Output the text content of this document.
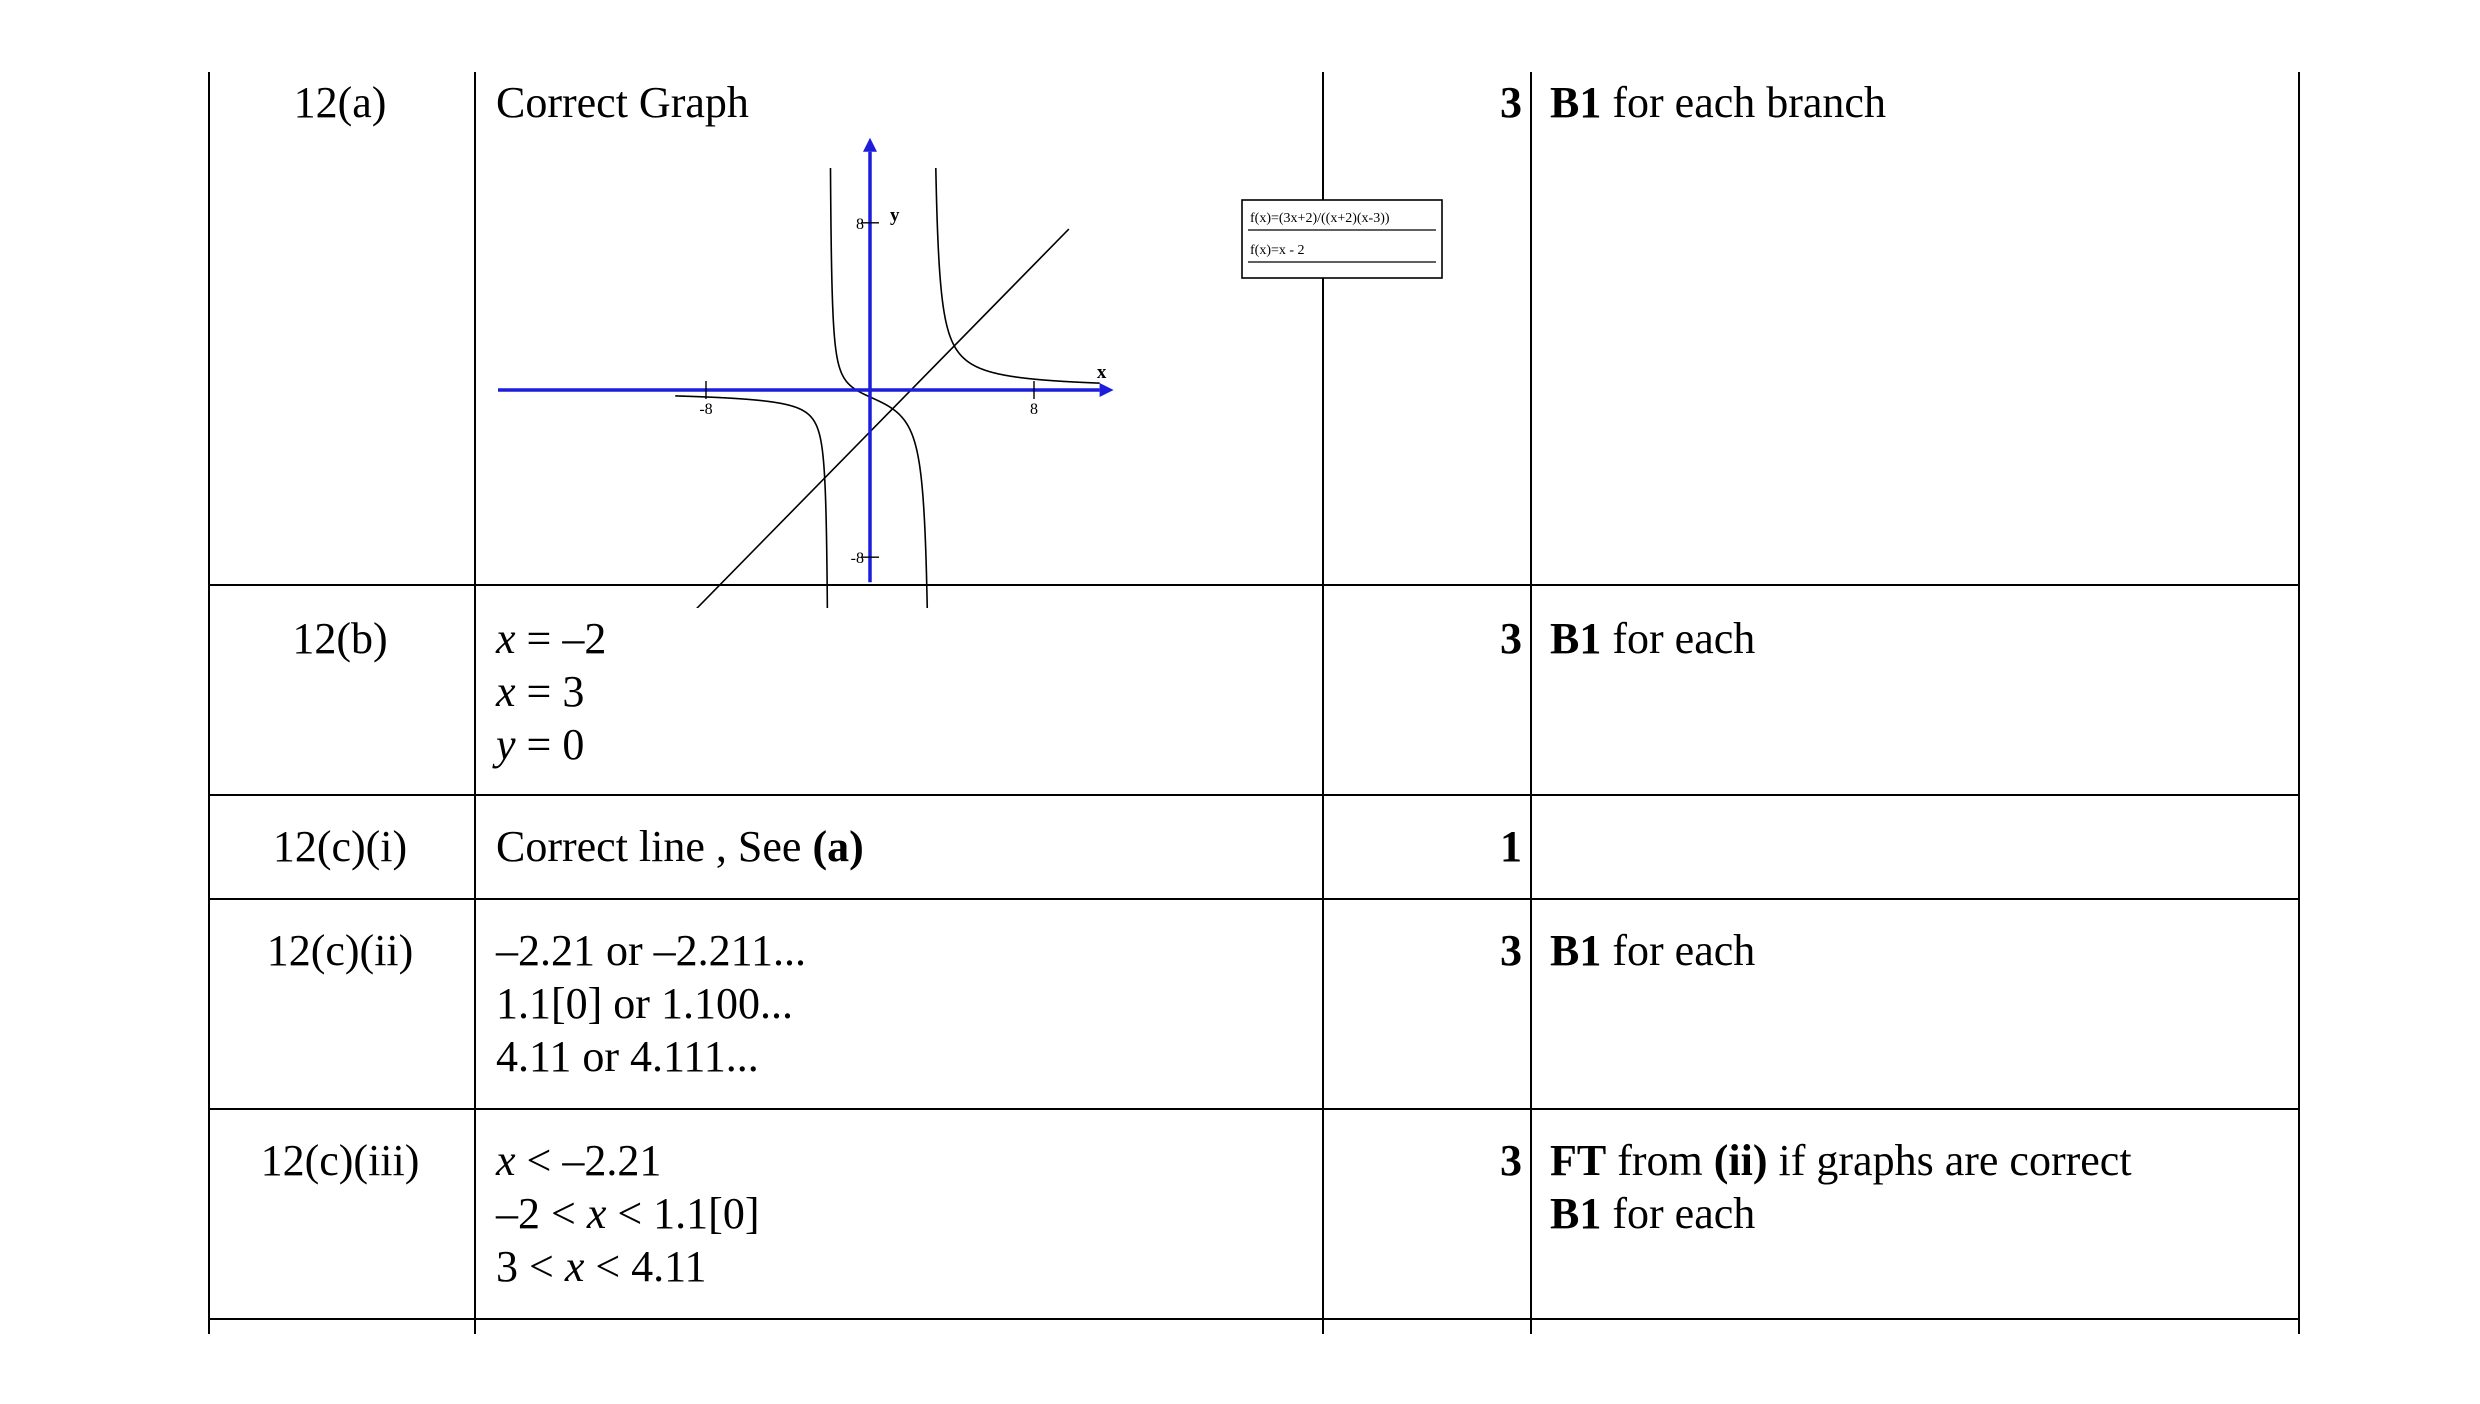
12(a)	Correct Graph	3 B1 for each branch
-8	8
8
-8
x
y	f(x)=(3x+2)/((x+2)(x-3))
f(x)=x - 2
12(b)	x = –2
x = 3
y = 0
3 B1 for each
12(c)(i)	Correct line , See (a)	1
12(c)(ii)	–2.21 or –2.211...
1.1[0] or 1.100...
4.11 or 4.111...
3 B1 for each
12(c)(iii)	x < –2.21
–2 < x < 1.1[0]
3 < x < 4.11
3 FT from (ii) if graphs are correct
B1 for each
